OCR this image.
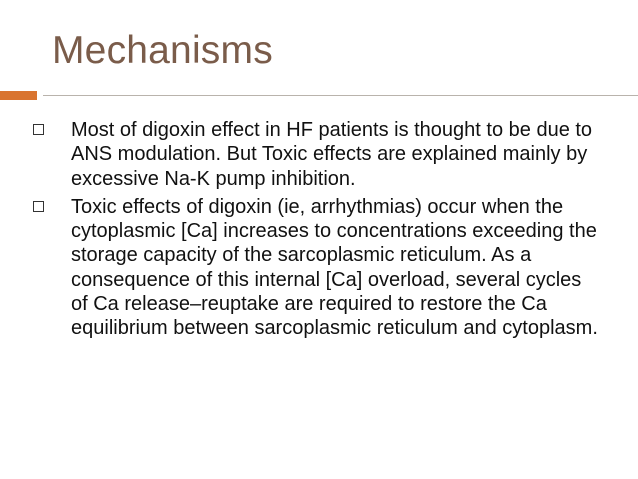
Mechanisms
Most of digoxin effect in HF patients is thought to be due to ANS modulation. But Toxic effects are explained mainly by excessive Na-K pump inhibition.
Toxic effects of digoxin (ie, arrhythmias) occur when the cytoplasmic [Ca] increases to concentrations exceeding the storage capacity of the sarcoplasmic reticulum. As a consequence of this internal [Ca] overload, several cycles of Ca release–reuptake are required to restore the Ca equilibrium between sarcoplasmic reticulum and cytoplasm.
